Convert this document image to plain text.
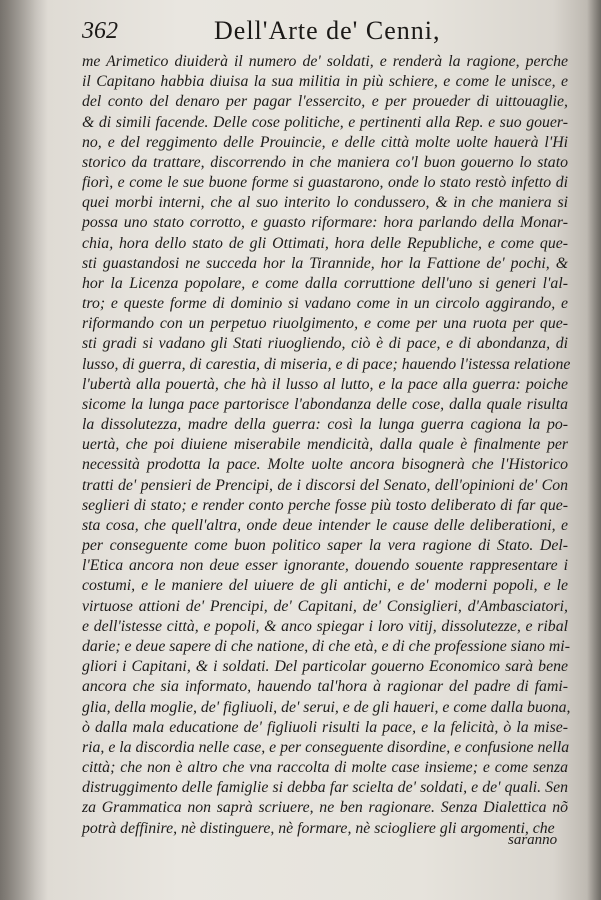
362	Dell'Arte de' Cenni,
me Arimetico diuiderà il numero de' soldati, e renderà la ragione, perche
il Capitano habbia diuisa la sua militia in più schiere, e come le unisce, e
del conto del denaro per pagar l'essercito, e per proueder di uittouaglie,
& di simili facende. Delle cose politiche, e pertinenti alla Rep. e suo gouer-
no, e del reggimento delle Prouincie, e delle città molte uolte hauerà l'Hi
storico da trattare, discorrendo in che maniera co'l buon gouerno lo stato
fiorì, e come le sue buone forme si guastarono, onde lo stato restò infetto di
quei morbi interni, che al suo interito lo condussero, & in che maniera si
possa uno stato corrotto, e guasto riformare: hora parlando della Monar-
chia, hora dello stato de gli Ottimati, hora delle Republiche, e come que-
sti guastandosi ne succeda hor la Tirannide, hor la Fattione de' pochi, &
hor la Licenza popolare, e come dalla corruttione dell'uno si generi l'al-
tro; e queste forme di dominio si vadano come in un circolo aggirando, e
riformando con un perpetuo riuolgimento, e come per una ruota per que-
sti gradi si vadano gli Stati riuogliendo, ciò è di pace, e di abondanza, di
lusso, di guerra, di carestia, di miseria, e di pace; hauendo l'istessa relatione
l'ubertà alla pouertà, che hà il lusso al lutto, e la pace alla guerra: poiche
sicome la lunga pace partorisce l'abondanza delle cose, dalla quale risulta
la dissolutezza, madre della guerra: così la lunga guerra cagiona la po-
uertà, che poi diuiene miserabile mendicità, dalla quale è finalmente per
necessità prodotta la pace. Molte uolte ancora bisognerà che l'Historico
tratti de' pensieri de Prencipi, de i discorsi del Senato, dell'opinioni de' Con
seglieri di stato; e render conto perche fosse più tosto deliberato di far que-
sta cosa, che quell'altra, onde deue intender le cause delle deliberationi, e
per conseguente come buon politico saper la vera ragione di Stato. Del-
l'Etica ancora non deue esser ignorante, douendo souente rappresentare i
costumi, e le maniere del uiuere de gli antichi, e de' moderni popoli, e le
virtuose attioni de' Prencipi, de' Capitani, de' Consiglieri, d'Ambasciatori,
e dell'istesse città, e popoli, & anco spiegar i loro vitij, dissolutezze, e ribal
darie; e deue sapere di che natione, di che età, e di che professione siano mi-
gliori i Capitani, & i soldati. Del particolar gouerno Economico sarà bene
ancora che sia informato, hauendo tal'hora à ragionar del padre di fami-
glia, della moglie, de' figliuoli, de' serui, e de gli haueri, e come dalla buona,
ò dalla mala educatione de' figliuoli risulti la pace, e la felicità, ò la mise-
ria, e la discordia nelle case, e per conseguente disordine, e confusione nella
città; che non è altro che vna raccolta di molte case insieme; e come senza
distruggimento delle famiglie si debba far scielta de' soldati, e de' quali. Sen
za Grammatica non saprà scriuere, ne ben ragionare. Senza Dialettica nõ
potrà deffinire, nè distinguere, nè formare, nè sciogliere gli argomenti, che
saranno
